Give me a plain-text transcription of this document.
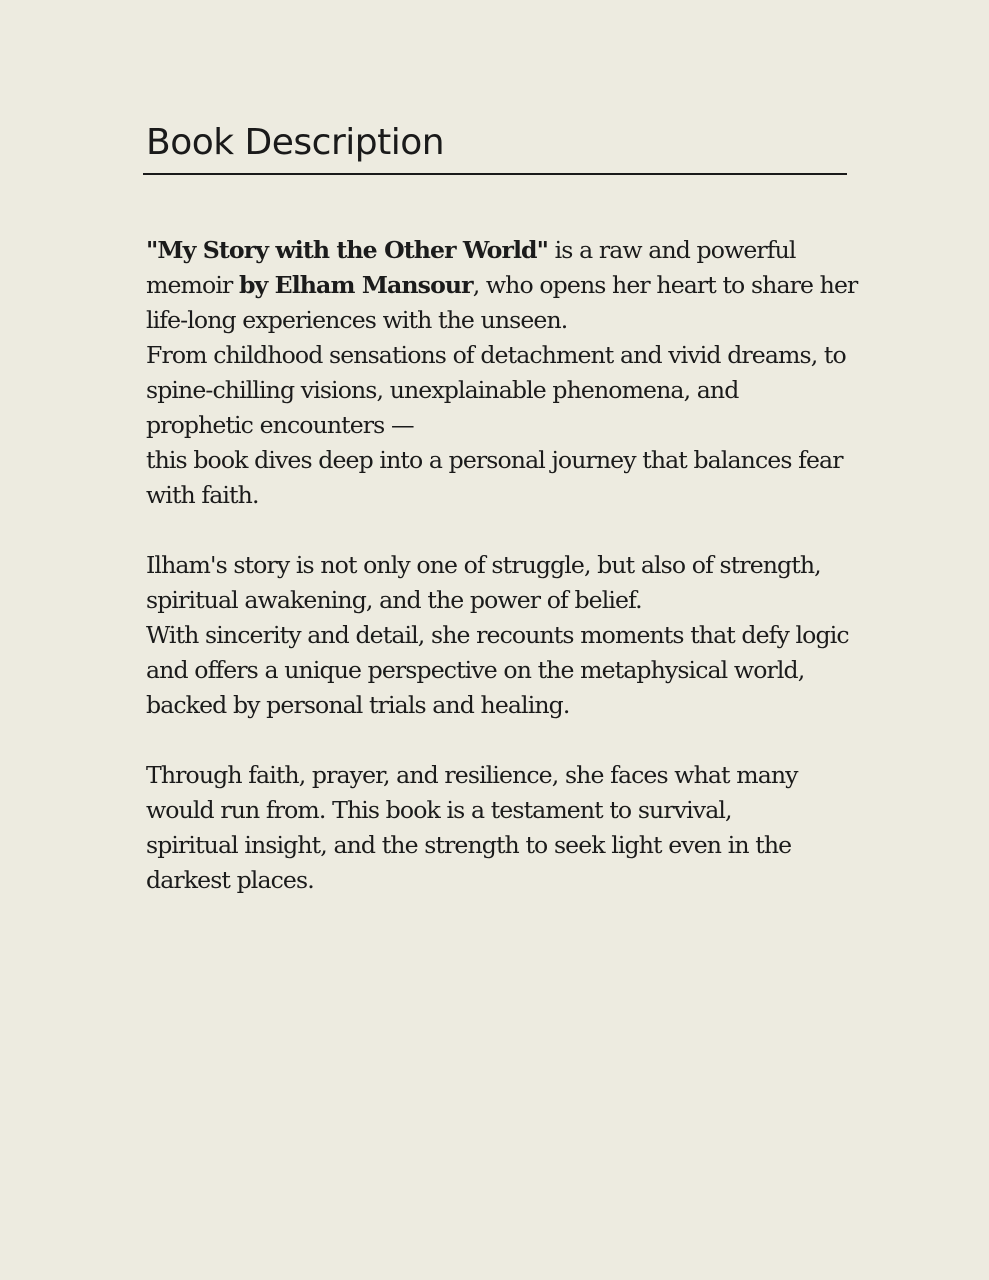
Book Description

"My Story with the Other World" is a raw and powerful
memoir by Elham Mansour, who opens her heart to share her
life-long experiences with the unseen.
From childhood sensations of detachment and vivid dreams, to
spine-chilling visions, unexplainable phenomena, and
prophetic encounters —
this book dives deep into a personal journey that balances fear
with faith.

Ilham's story is not only one of struggle, but also of strength,
spiritual awakening, and the power of belief.
With sincerity and detail, she recounts moments that defy logic
and offers a unique perspective on the metaphysical world,
backed by personal trials and healing.

Through faith, prayer, and resilience, she faces what many
would run from. This book is a testament to survival,
spiritual insight, and the strength to seek light even in the
darkest places.
